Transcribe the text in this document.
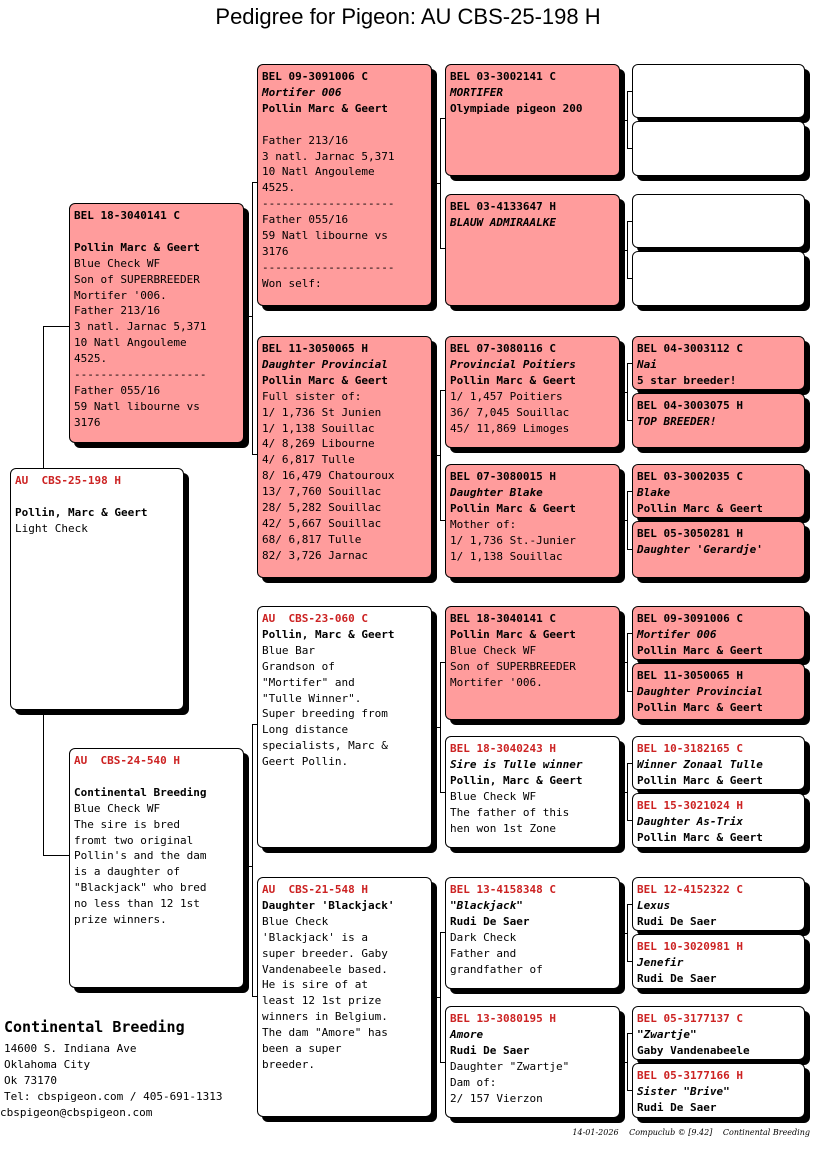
Pedigree for Pigeon: AU CBS-25-198 H
AU  CBS-25-198 H
Pollin, Marc & Geert
Light Check
BEL 18-3040141 C
Pollin Marc & Geert
Blue Check WF
Son of SUPERBREEDER
Mortifer '006.
Father 213/16
3 natl. Jarnac 5,371
10 Natl Angouleme
4525.
--------------------
Father 055/16
59 Natl libourne vs
3176
AU  CBS-24-540 H
Continental Breeding
Blue Check WF
The sire is bred
fromt two original
Pollin's and the dam
is a daughter of
"Blackjack" who bred
no less than 12 1st
prize winners.
BEL 09-3091006 C
Mortifer 006
Pollin Marc & Geert
Father 213/16
3 natl. Jarnac 5,371
10 Natl Angouleme
4525.
--------------------
Father 055/16
59 Natl libourne vs
3176
--------------------
Won self:
BEL 11-3050065 H
Daughter Provincial
Pollin Marc & Geert
Full sister of:
1/ 1,736 St Junien
1/ 1,138 Souillac
4/ 8,269 Libourne
4/ 6,817 Tulle
8/ 16,479 Chatouroux
13/ 7,760 Souillac
28/ 5,282 Souillac
42/ 5,667 Souillac
68/ 6,817 Tulle
82/ 3,726 Jarnac
AU  CBS-23-060 C
Pollin, Marc & Geert
Blue Bar
Grandson of
"Mortifer" and
"Tulle Winner".
Super breeding from
Long distance
specialists, Marc &
Geert Pollin.
AU  CBS-21-548 H
Daughter 'Blackjack'
Blue Check
'Blackjack' is a
super breeder. Gaby
Vandenabeele based.
He is sire of at
least 12 1st prize
winners in Belgium.
The dam "Amore" has
been a super
breeder.
BEL 03-3002141 C
MORTIFER
Olympiade pigeon 200
BEL 03-4133647 H
BLAUW ADMIRAALKE
BEL 07-3080116 C
Provincial Poitiers
Pollin Marc & Geert
1/ 1,457 Poitiers
36/ 7,045 Souillac
45/ 11,869 Limoges
BEL 07-3080015 H
Daughter Blake
Pollin Marc & Geert
Mother of:
1/ 1,736 St.-Junier
1/ 1,138 Souillac
BEL 18-3040141 C
Pollin Marc & Geert
Blue Check WF
Son of SUPERBREEDER
Mortifer '006.
BEL 18-3040243 H
Sire is Tulle winner
Pollin, Marc & Geert
Blue Check WF
The father of this
hen won 1st Zone
BEL 13-4158348 C
"Blackjack"
Rudi De Saer
Dark Check
Father and
grandfather of
BEL 13-3080195 H
Amore
Rudi De Saer
Daughter "Zwartje"
Dam of:
2/ 157 Vierzon
BEL 04-3003112 C
Nai
5 star breeder!
BEL 04-3003075 H
TOP BREEDER!
BEL 03-3002035 C
Blake
Pollin Marc & Geert
BEL 05-3050281 H
Daughter 'Gerardje'
BEL 09-3091006 C
Mortifer 006
Pollin Marc & Geert
BEL 11-3050065 H
Daughter Provincial
Pollin Marc & Geert
BEL 10-3182165 C
Winner Zonaal Tulle
Pollin Marc & Geert
BEL 15-3021024 H
Daughter As-Trix
Pollin Marc & Geert
BEL 12-4152322 C
Lexus
Rudi De Saer
BEL 10-3020981 H
Jenefir
Rudi De Saer
BEL 05-3177137 C
"Zwartje"
Gaby Vandenabeele
BEL 05-3177166 H
Sister "Brive"
Rudi De Saer
Continental Breeding
14600 S. Indiana Ave
Oklahoma City
Ok 73170
Tel: cbspigeon.com / 405-691-1313
cbspigeon@cbspigeon.com
14-01-2026 Compuclub © [9.42] Continental Breeding
